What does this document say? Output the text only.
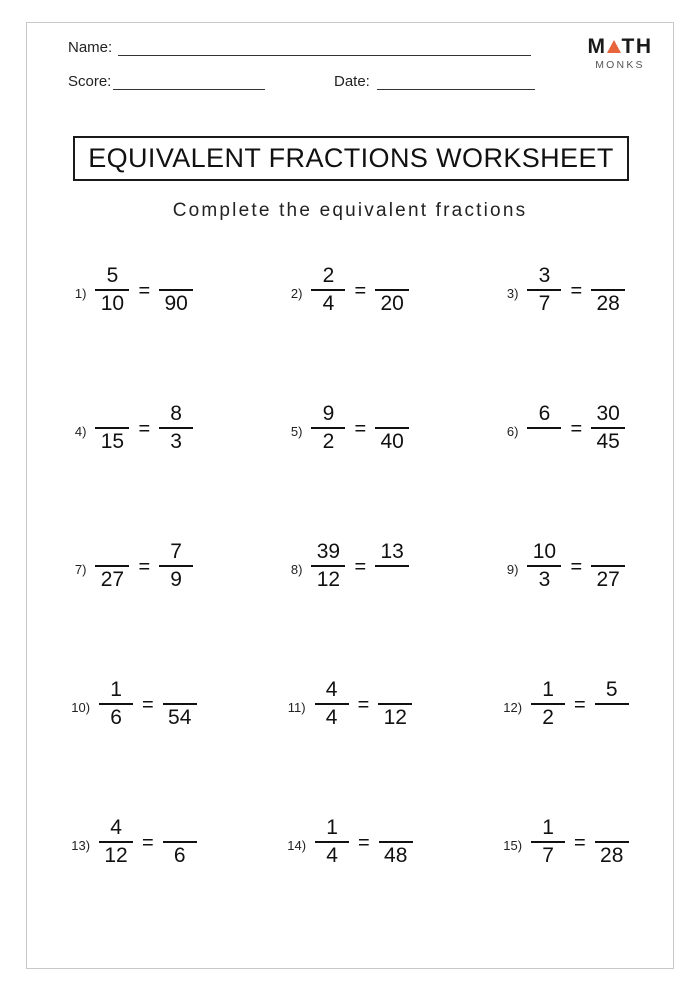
Name:
Score:	Date:
M TH
MONKS
EQUIVALENT FRACTIONS WORKSHEET
Complete the equivalent fractions
$1) \frac{5}{10}$ =
90	$2) \frac{2}{4}$ =
20	$3) \frac{3}{7}$ =
28
4) 15
= $\frac{8}{3}$	$5) \frac{9}{2}$ =
40	6)
6
= $\frac{30}{45}$
7) 27
= $\frac{7}{9}$	$8) \frac{39}{12}$ =
13
$9) \frac{10}{3}$ =
27
$10) \frac{1}{6}$ =
54	$11) \frac{4}{4}$ =
12	$12) \frac{1}{2}$ =
5
$13) \frac{4}{12}$ =
6	$14) \frac{1}{4}$ =
48	$15) \frac{1}{7}$ =
28
